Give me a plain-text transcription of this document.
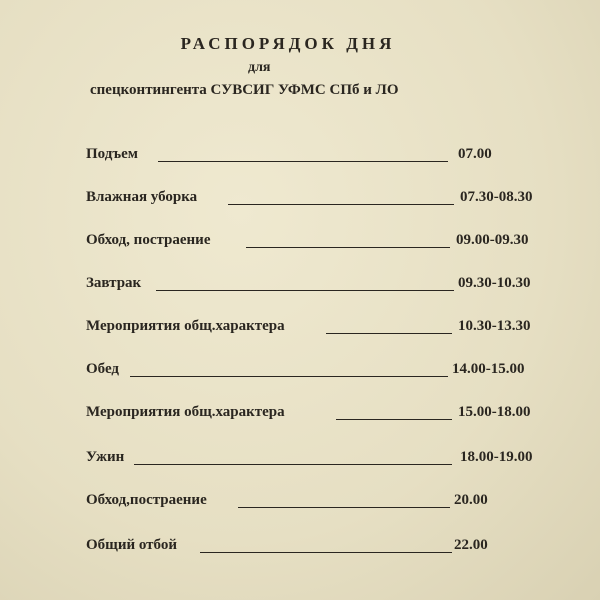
РАСПОРЯДОК ДНЯ
для
спецконтингента СУВСИГ УФМС СПб и ЛО
Подъем	07.00
Влажная уборка	07.30-08.30
Обход, пострaение	09.00-09.30
Завтрак	09.30-10.30
Мероприятия общ.характера	10.30-13.30
Обед	14.00-15.00
Мероприятия общ.характера	15.00-18.00
Ужин	18.00-19.00
Обход,пострaение	20.00
Общий отбой	22.00
